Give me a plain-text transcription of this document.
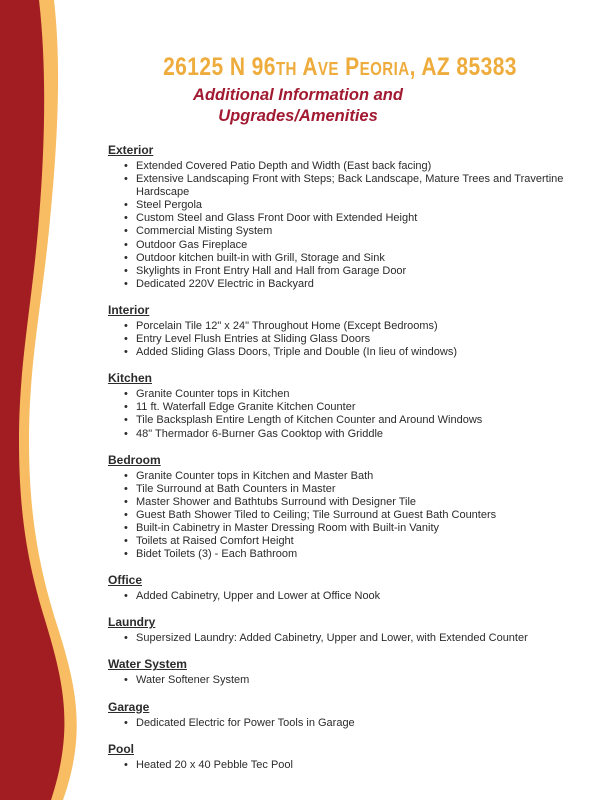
26125 N 96th Ave Peoria, AZ 85383
Additional Information and
Upgrades/Amenities
Exterior
• Extended Covered Patio Depth and Width (East back facing)
• Extensive Landscaping Front with Steps; Back Landscape, Mature Trees and Travertine Hardscape
• Steel Pergola
• Custom Steel and Glass Front Door with Extended Height
• Commercial Misting System
• Outdoor Gas Fireplace
• Outdoor kitchen built-in with Grill, Storage and Sink
• Skylights in Front Entry Hall and Hall from Garage Door
• Dedicated 220V Electric in Backyard
Interior
• Porcelain Tile 12" x 24" Throughout Home (Except Bedrooms)
• Entry Level Flush Entries at Sliding Glass Doors
• Added Sliding Glass Doors, Triple and Double (In lieu of windows)
Kitchen
• Granite Counter tops in Kitchen
• 11 ft. Waterfall Edge Granite Kitchen Counter
• Tile Backsplash Entire Length of Kitchen Counter and Around Windows
• 48" Thermador 6-Burner Gas Cooktop with Griddle
Bedroom
• Granite Counter tops in Kitchen and Master Bath
• Tile Surround at Bath Counters in Master
• Master Shower and Bathtubs Surround with Designer Tile
• Guest Bath Shower Tiled to Ceiling; Tile Surround at Guest Bath Counters
• Built-in Cabinetry in Master Dressing Room with Built-in Vanity
• Toilets at Raised Comfort Height
• Bidet Toilets (3) - Each Bathroom
Office
• Added Cabinetry, Upper and Lower at Office Nook
Laundry
• Supersized Laundry: Added Cabinetry, Upper and Lower, with Extended Counter
Water System
• Water Softener System
Garage
• Dedicated Electric for Power Tools in Garage
Pool
• Heated 20 x 40 Pebble Tec Pool
